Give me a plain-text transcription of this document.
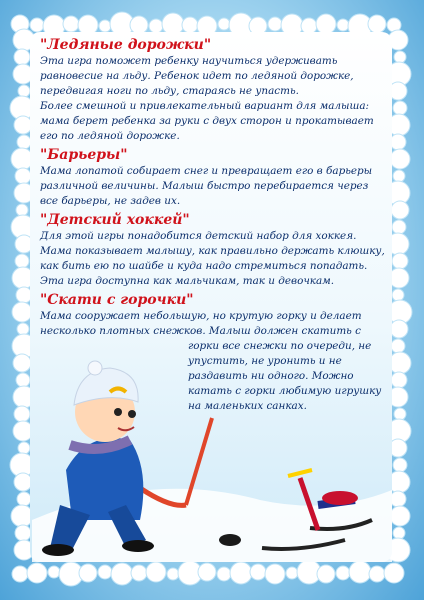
"Ледяные дорожки"

Эта игра поможет ребенку научиться удерживать равновесие на льду. Ребенок идет по ледяной дорожке, передвигая ноги по льду, стараясь не упасть.

Более смешной и привлекательный вариант для малыша: мама берет ребенка за руки с двух сторон и прокатывает его по ледяной дорожке.

"Барьеры"

Мама лопатой собирает снег и превращает его в барьеры различной величины. Малыш быстро перебирается через все барьеры, не задев их.

"Детский хоккей"

Для этой игры понадобится детский набор для хоккея. Мама показывает малышу, как правильно держать клюшку, как бить ею по шайбе и куда надо стремиться попадать. Эта игра доступна как мальчикам, так и девочкам.

"Скати с горочки"

Мама сооружает небольшую, но крутую горку и делает несколько плотных снежков. Малыш должен скатить с

горки все снежки по очереди, не упустить, не уронить и не раздавить ни одного. Можно катать с горки любимую игрушку на маленьких санках.
